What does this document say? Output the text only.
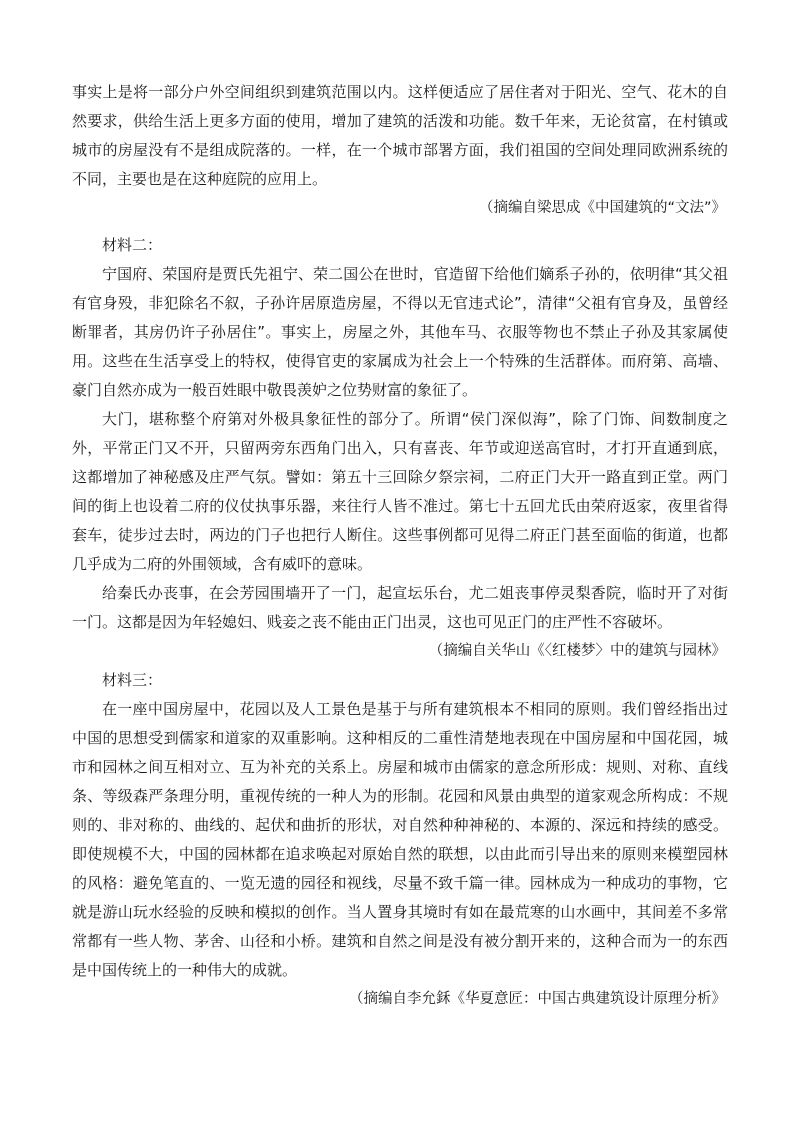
事实上是将一部分户外空间组织到建筑范围以内。这样便适应了居住者对于阳光、空气、花木的自然要求，供给生活上更多方面的使用，增加了建筑的活泼和功能。数千年来，无论贫富，在村镇或城市的房屋没有不是组成院落的。一样，在一个城市部署方面，我们祖国的空间处理同欧洲系统的不同，主要也是在这种庭院的应用上。

（摘编自梁思成《中国建筑的“文法”》

材料二：

宁国府、荣国府是贾氏先祖宁、荣二国公在世时，官造留下给他们嫡系子孙的，依明律“其父祖有官身殁，非犯除名不叙，子孙许居原造房屋，不得以无官违式论”，清律“父祖有官身及，虽曾经断罪者，其房仍许子孙居住”。事实上，房屋之外，其他车马、衣服等物也不禁止子孙及其家属使用。这些在生活享受上的特权，使得官吏的家属成为社会上一个特殊的生活群体。而府第、高墙、豪门自然亦成为一般百姓眼中敬畏羡妒之位势财富的象征了。

大门，堪称整个府第对外极具象征性的部分了。所谓“侯门深似海”，除了门饰、间数制度之外，平常正门又不开，只留两旁东西角门出入，只有喜丧、年节或迎送高官时，才打开直通到底，这都增加了神秘感及庄严气氛。譬如：第五十三回除夕祭宗祠，二府正门大开一路直到正堂。两门间的街上也设着二府的仪仗执事乐器，来往行人皆不准过。第七十五回尤氏由荣府返家，夜里省得套车，徒步过去时，两边的门子也把行人断住。这些事例都可见得二府正门甚至面临的街道，也都几乎成为二府的外围领域，含有威吓的意味。

给秦氏办丧事，在会芳园围墙开了一门，起宣坛乐台，尤二姐丧事停灵梨香院，临时开了对街一门。这都是因为年轻媳妇、贱妾之丧不能由正门出灵，这也可见正门的庄严性不容破坏。

（摘编自关华山《〈红楼梦〉中的建筑与园林》

材料三：

在一座中国房屋中，花园以及人工景色是基于与所有建筑根本不相同的原则。我们曾经指出过中国的思想受到儒家和道家的双重影响。这种相反的二重性清楚地表现在中国房屋和中国花园，城市和园林之间互相对立、互为补充的关系上。房屋和城市由儒家的意念所形成：规则、对称、直线条、等级森严条理分明，重视传统的一种人为的形制。花园和风景由典型的道家观念所构成：不规则的、非对称的、曲线的、起伏和曲折的形状，对自然种种神秘的、本源的、深远和持续的感受。即使规模不大，中国的园林都在追求唤起对原始自然的联想，以由此而引导出来的原则来模塑园林的风格：避免笔直的、一览无遗的园径和视线，尽量不致千篇一律。园林成为一种成功的事物，它就是游山玩水经验的反映和模拟的创作。当人置身其境时有如在最荒寒的山水画中，其间差不多常常都有一些人物、茅舍、山径和小桥。建筑和自然之间是没有被分割开来的，这种合而为一的东西是中国传统上的一种伟大的成就。

（摘编自李允鉌《华夏意匠：中国古典建筑设计原理分析》
